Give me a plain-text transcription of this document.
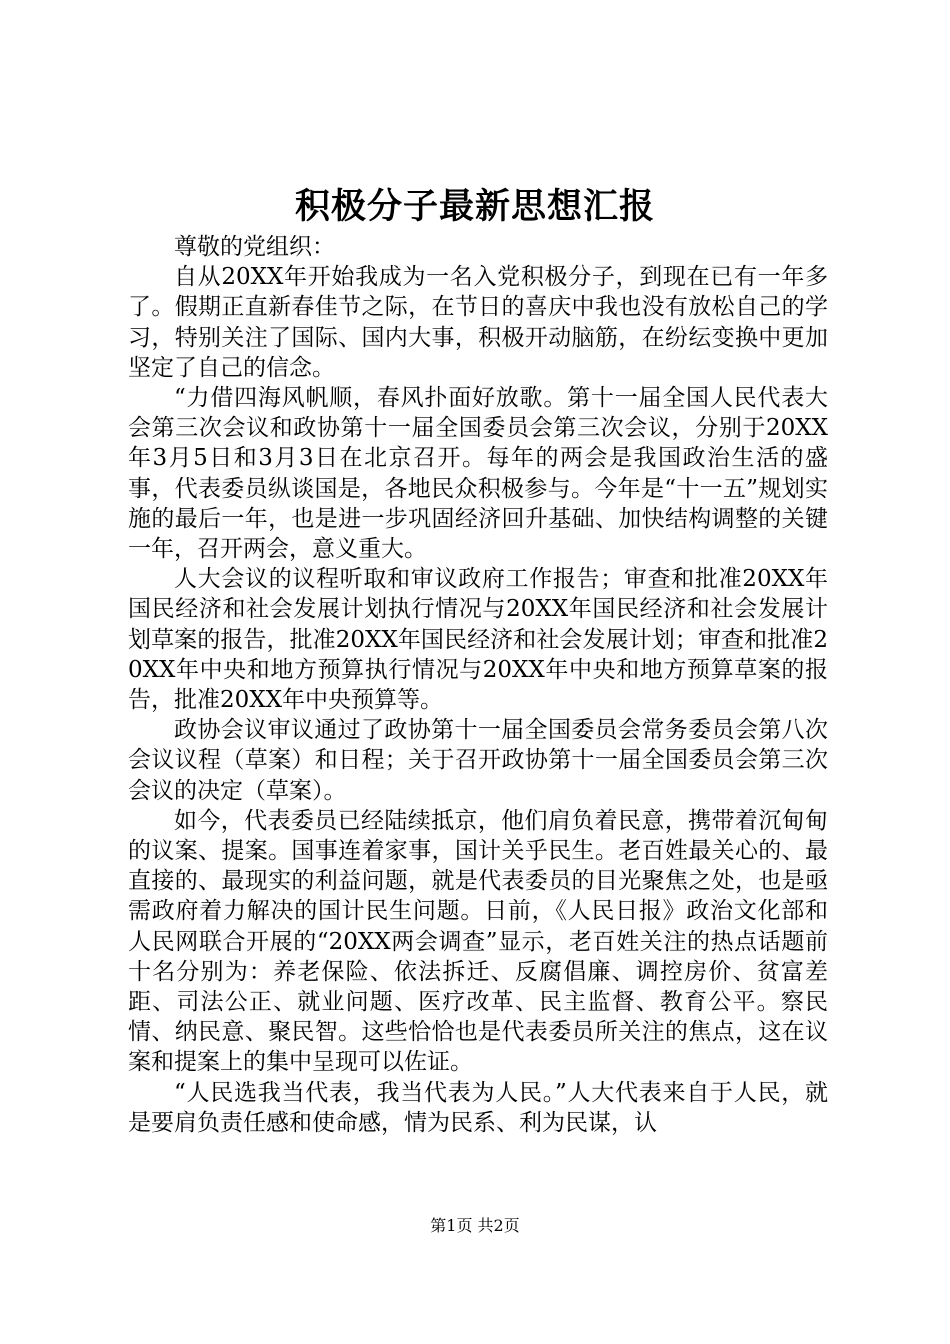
积极分子最新思想汇报

尊敬的党组织：

自从20XX年开始我成为一名入党积极分子，到现在已有一年多了。假期正直新春佳节之际，在节日的喜庆中我也没有放松自己的学习，特别关注了国际、国内大事，积极开动脑筋，在纷纭变换中更加坚定了自己的信念。

“力借四海风帆顺，春风扑面好放歌。第十一届全国人民代表大会第三次会议和政协第十一届全国委员会第三次会议，分别于20XX年3月5日和3月3日在北京召开。每年的两会是我国政治生活的盛事，代表委员纵谈国是，各地民众积极参与。今年是“十一五”规划实施的最后一年，也是进一步巩固经济回升基础、加快结构调整的关键一年，召开两会，意义重大。

人大会议的议程听取和审议政府工作报告；审查和批准20XX年国民经济和社会发展计划执行情况与20XX年国民经济和社会发展计划草案的报告，批准20XX年国民经济和社会发展计划；审查和批准20XX年中央和地方预算执行情况与20XX年中央和地方预算草案的报告，批准20XX年中央预算等。

政协会议审议通过了政协第十一届全国委员会常务委员会第八次会议议程（草案）和日程；关于召开政协第十一届全国委员会第三次会议的决定（草案）。

如今，代表委员已经陆续抵京，他们肩负着民意，携带着沉甸甸的议案、提案。国事连着家事，国计关乎民生。老百姓最关心的、最直接的、最现实的利益问题，就是代表委员的目光聚焦之处，也是亟需政府着力解决的国计民生问题。日前，《人民日报》政治文化部和人民网联合开展的“20XX两会调查”显示，老百姓关注的热点话题前十名分别为：养老保险、依法拆迁、反腐倡廉、调控房价、贫富差距、司法公正、就业问题、医疗改革、民主监督、教育公平。察民情、纳民意、聚民智。这些恰恰也是代表委员所关注的焦点，这在议案和提案上的集中呈现可以佐证。

“人民选我当代表，我当代表为人民。”人大代表来自于人民，就是要肩负责任感和使命感，情为民系、利为民谋，认

第1页 共2页
